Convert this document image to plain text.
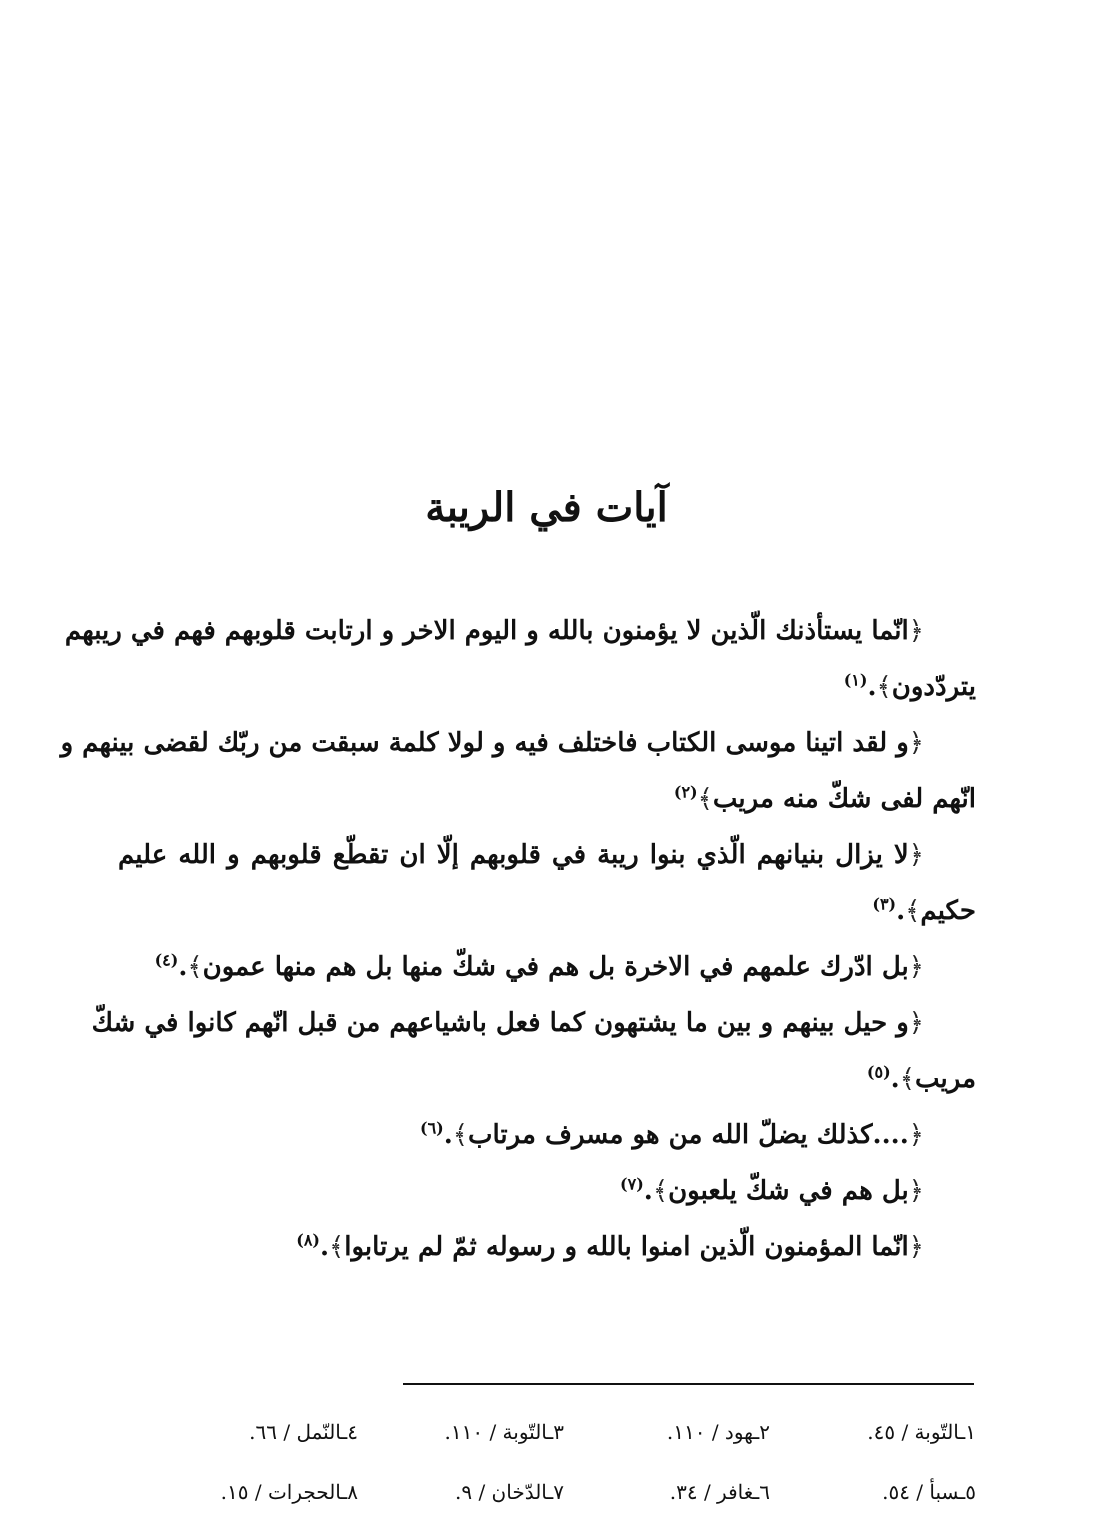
آيات في الريبة
﴿انّما يستأذنك الّذين لا يؤمنون بالله و اليوم الاخر و ارتابت قلوبهم فهم في ريبهم
يتردّدون﴾.$^{(١)}$
﴿و لقد اتينا موسى الكتاب فاختلف فيه و لولا كلمة سبقت من ربّك لقضى بينهم و
انّهم لفى شكّ منه مريب﴾$^{(٢)}$
﴿لا يزال بنيانهم الّذي بنوا ريبة في قلوبهم إلّا ان تقطّع قلوبهم و الله عليم
حكيم﴾.$^{(٣)}$
﴿بل ادّرك علمهم في الاخرة بل هم في شكّ منها بل هم منها عمون﴾.$^{(٤)}$
﴿و حيل بينهم و بين ما يشتهون كما فعل باشياعهم من قبل انّهم كانوا في شكّ
مريب﴾.$^{(٥)}$
﴿....كذلك يضلّ الله من هو مسرف مرتاب﴾.$^{(٦)}$
﴿بل هم في شكّ يلعبون﴾.$^{(٧)}$
﴿انّما المؤمنون الّذين امنوا بالله و رسوله ثمّ لم يرتابوا﴾.$^{(٨)}$
١ـالتّوبة / ٤٥.
٢ـهود / ١١٠.
٣ـالتّوبة / ١١٠.
٤ـالنّمل / ٦٦.
٥ـسبأ / ٥٤.
٦ـغافر / ٣٤.
٧ـالدّخان / ٩.
٨ـالحجرات / ١٥.
